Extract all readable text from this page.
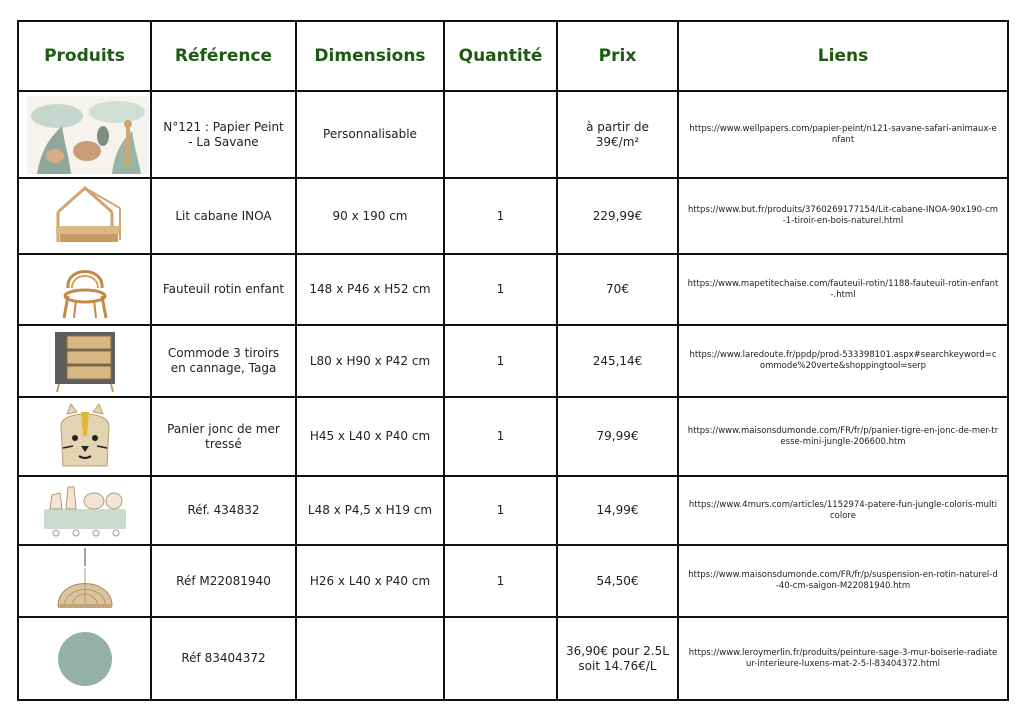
Produits	Référence	Dimensions	Quantité	Prix	Liens

	N°121 : Papier Peint - La Savane	Personnalisable		à partir de 39€/m²	https://www.wellpapers.com/papier-peint/n121-savane-safari-animaux-enfant

	Lit cabane INOA	90 x 190 cm	1	229,99€	https://www.but.fr/produits/3760269177154/Lit-cabane-INOA-90x190-cm-1-tiroir-en-bois-naturel.html

	Fauteuil rotin enfant	148 x P46 x H52 cm	1	70€	https://www.mapetitechaise.com/fauteuil-rotin/1188-fauteuil-rotin-enfant-.html

	Commode 3 tiroirs en cannage, Taga	L80 x H90 x P42 cm	1	245,14€	https://www.laredoute.fr/ppdp/prod-533398101.aspx#searchkeyword=commode%20verte&shoppingtool=serp

	Panier jonc de mer tressé	H45 x L40 x P40 cm	1	79,99€	https://www.maisonsdumonde.com/FR/fr/p/panier-tigre-en-jonc-de-mer-tresse-mini-jungle-206600.htm

	Réf. 434832	L48 x P4,5 x H19 cm	1	14,99€	https://www.4murs.com/articles/1152974-patere-fun-jungle-coloris-multicolore

	Réf M22081940	H26 x L40 x P40 cm	1	54,50€	https://www.maisonsdumonde.com/FR/fr/p/suspension-en-rotin-naturel-d-40-cm-saigon-M22081940.htm

	Réf 83404372			36,90€ pour 2.5L soit 14.76€/L	https://www.leroymerlin.fr/produits/peinture-sage-3-mur-boiserie-radiateur-interieure-luxens-mat-2-5-l-83404372.html
